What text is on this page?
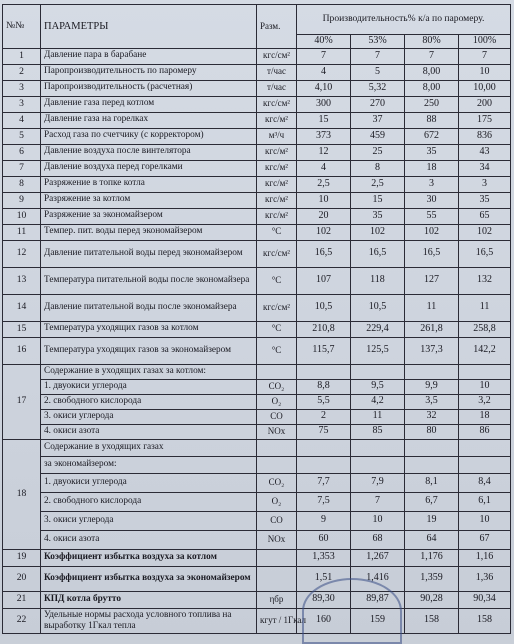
№№	ПАРАМЕТРЫ	Разм.	Производительность% к/а по паромеру.			
			40%	53%	80%	100%
1	Давление пара в барабане	кгс/см²	7	7	7	7
2	Паропроизводительность по паромеру	т/час	4	5	8,00	10
3	Паропроизводительность (расчетная)	т/час	4,10	5,32	8,00	10,00
3	Давление газа перед котлом	кгс/см²	300	270	250	200
4	Давление газа на горелках	кгс/м²	15	37	88	175
5	Расход газа по счетчику (с корректором)	м³/ч	373	459	672	836
6	Давление воздуха после винтелятора	кгс/м²	12	25	35	43
7	Давление воздуха перед горелками	кгс/м²	4	8	18	34
8	Разряжение в топке котла	кгс/м²	2,5	2,5	3	3
9	Разряжение за котлом	кгс/м²	10	15	30	35
10	Разряжение за экономайзером	кгс/м²	20	35	55	65
11	Темпер. пит. воды перед экономайзером	°C	102	102	102	102
12	Давление питательной воды перед экономайзером	кгс/см²	16,5	16,5	16,5	16,5
13	Температура питательной воды после экономайзера	°C	107	118	127	132
14	Давление питательной воды после экономайзера	кгс/см²	10,5	10,5	11	11
15	Температура уходящих газов за котлом	°C	210,8	229,4	261,8	258,8
16	Температура уходящих газов за экономайзером	°C	115,7	125,5	137,3	142,2
17	Содержание в уходящих газах за котлом:					
	1. двуокиси углерода	CO₂	8,8	9,5	9,9	10
	2. свободного кислорода	O₂	5,5	4,2	3,5	3,2
	3. окиси углерода	CO	2	11	32	18
	4. окиси азота	NOx	75	85	80	86
18	Содержание в уходящих газах					
	за экономайзером:					
	1. двуокиси углерода	CO₂	7,7	7,9	8,1	8,4
	2. свободного кислорода	O₂	7,5	7	6,7	6,1
	3. окиси углерода	CO	9	10	19	10
	4. окиси азота	NOx	60	68	64	67
19	Коэффициент избытка воздуха за котлом		1,353	1,267	1,176	1,16
20	Коэффициент избытка воздуха за экономайзером		1,51	1,416	1,359	1,36
21	КПД котла брутто	ηбр	89,30	89,87	90,28	90,34
22	Удельные нормы расхода условного топлива на выработку 1Гкал тепла	кгут / 1Гкал	160	159	158	158
